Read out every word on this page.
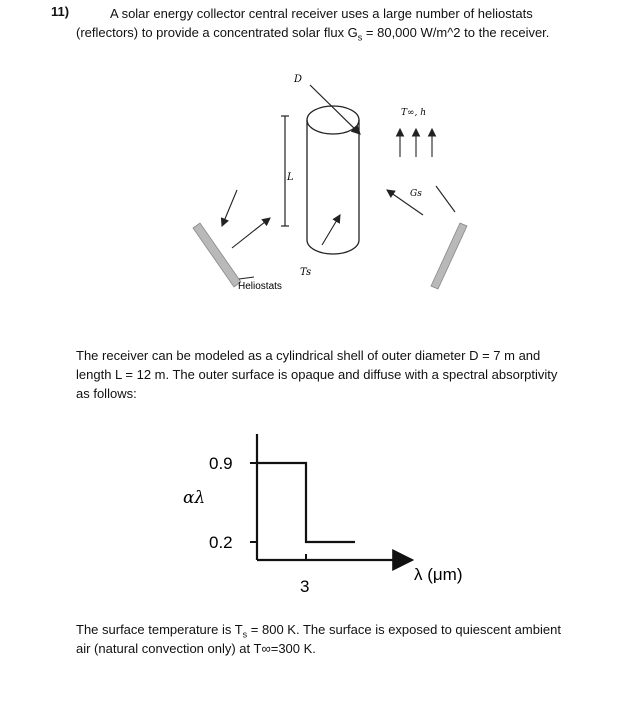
11)	A solar energy collector central receiver uses a large number of heliostats
(reflectors) to provide a concentrated solar flux $G_s = 80,000$ W/m^2 to the receiver.
D
L
Ts
T∞, h
Gs
Heliostats
The receiver can be modeled as a cylindrical shell of outer diameter D = 7 m and
length L = 12 m. The outer surface is opaque and diffuse with a spectral absorptivity
as follows:
0.9
0.2
3
αλ
λ (μm)
The surface temperature is $T_s = 800$ K. The surface is exposed to quiescent ambient
air (natural convection only) at T∞=300 K.
